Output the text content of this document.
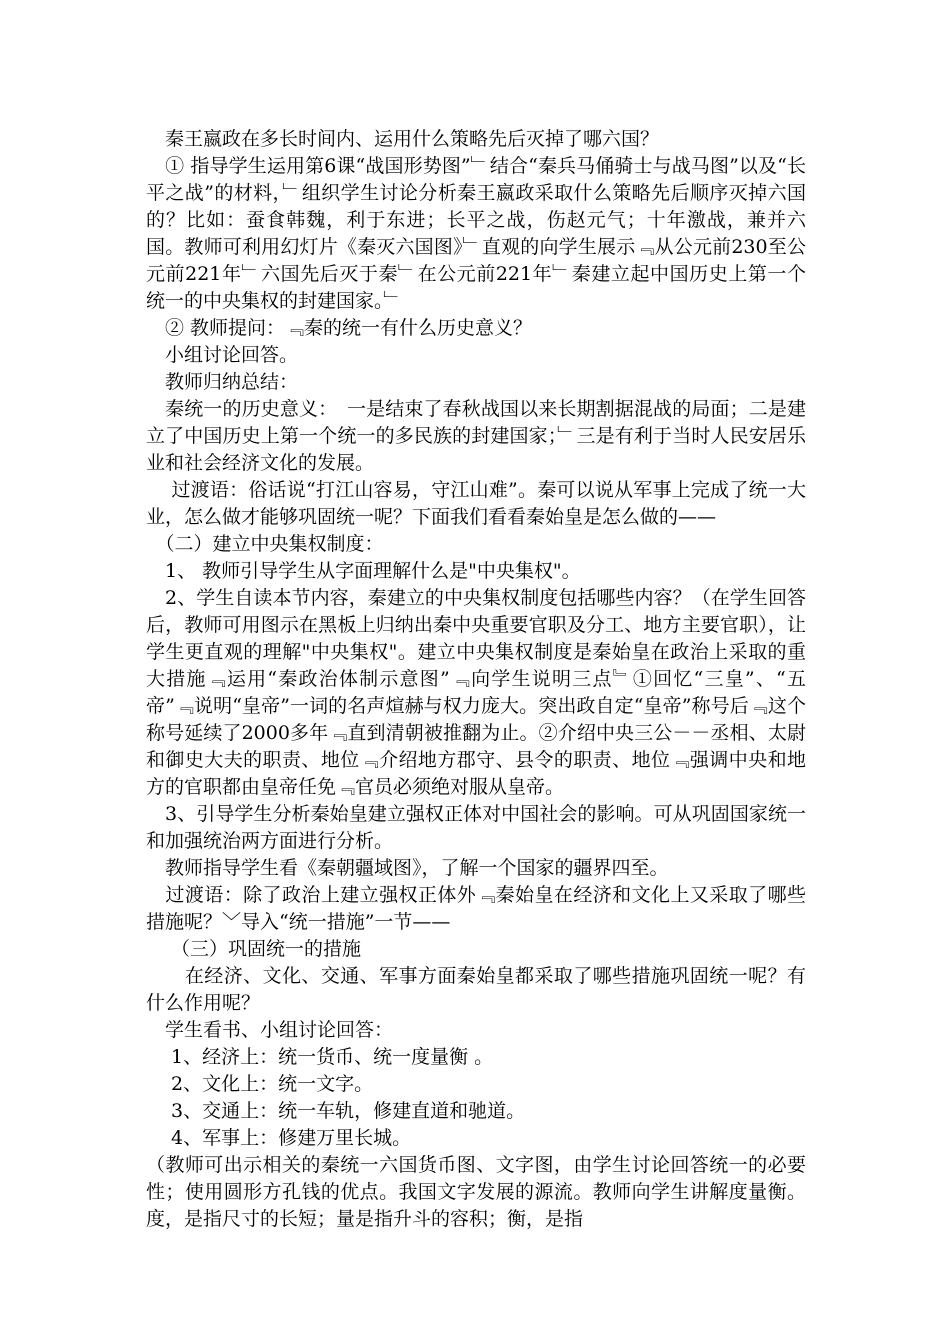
　秦王嬴政在多长时间内、运用什么策略先后灭掉了哪六国？

　① 指导学生运用第6课“战国形势图”﹂结合“秦兵马俑骑士与战马图”以及“长平之战”的材料，﹂组织学生讨论分析秦王嬴政采取什么策略先后顺序灭掉六国的？比如：蚕食韩魏，利于东进；长平之战，伤赵元气；十年激战，兼并六国。教师可利用幻灯片《秦灭六国图》﹂直观的向学生展示﹃从公元前230至公元前221年﹂六国先后灭于秦﹂在公元前221年﹂秦建立起中国历史上第一个统一的中央集权的封建国家。﹂

　② 教师提问：﹃秦的统一有什么历史意义？

　小组讨论回答。

　教师归纳总结：

　秦统一的历史意义：　一是结束了春秋战国以来长期割据混战的局面；二是建立了中国历史上第一个统一的多民族的封建国家；﹂三是有利于当时人民安居乐业和社会经济文化的发展。

　 过渡语：俗话说“打江山容易，守江山难”。秦可以说从军事上完成了统一大业，怎么做才能够巩固统一呢？下面我们看看秦始皇是怎么做的——

　（二）建立中央集权制度：

　1、 教师引导学生从字面理解什么是"中央集权"。

　2、学生自读本节内容，秦建立的中央集权制度包括哪些内容？（在学生回答后，教师可用图示在黑板上归纳出秦中央重要官职及分工、地方主要官职），让学生更直观的理解"中央集权"。建立中央集权制度是秦始皇在政治上采取的重大措施﹃运用“秦政治体制示意图”﹃向学生说明三点﹄①回忆“三皇”、“五帝”﹃说明“皇帝”一词的名声煊赫与权力庞大。突出政自定“皇帝”称号后﹃这个称号延续了2000多年﹃直到清朝被推翻为止。②介绍中央三公－－丞相、太尉和御史大夫的职责、地位﹃介绍地方郡守、县令的职责、地位﹃强调中央和地方的官职都由皇帝任免﹃官员必须绝对服从皇帝。

　3、引导学生分析秦始皇建立强权正体对中国社会的影响。可从巩固国家统一和加强统治两方面进行分析。

　教师指导学生看《秦朝疆域图》，了解一个国家的疆界四至。

　过渡语：除了政治上建立强权正体外﹃秦始皇在经济和文化上又采取了哪些措施呢？﹀导入“统一措施”一节——

　 （三）巩固统一的措施

　　在经济、文化、交通、军事方面秦始皇都采取了哪些措施巩固统一呢？有什么作用呢？

　学生看书、小组讨论回答：

　 1、经济上：统一货币、统一度量衡 。

　 2、文化上：统一文字。

　 3、交通上：统一车轨，修建直道和驰道。

　 4、军事上：修建万里长城。

（教师可出示相关的秦统一六国货币图、文字图，由学生讨论回答统一的必要性；使用圆形方孔钱的优点。我国文字发展的源流。教师向学生讲解度量衡。度，是指尺寸的长短；量是指升斗的容积；衡，是指
